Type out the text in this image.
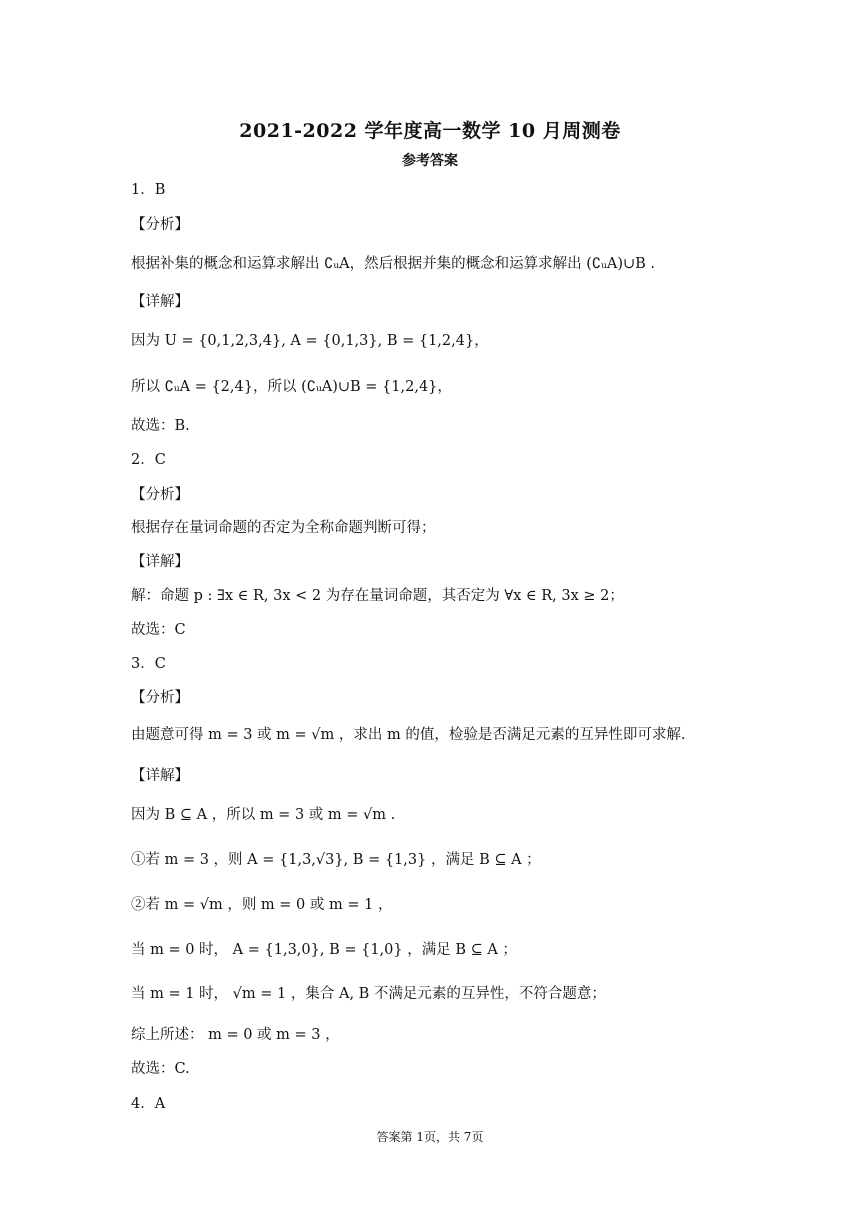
2021-2022 学年度高一数学 10 月周测卷
参考答案
1．B
【分析】
根据补集的概念和运算求解出 ∁ᵤA，然后根据并集的概念和运算求解出 (∁ᵤA)∪B .
【详解】
因为 U = {0,1,2,3,4}, A = {0,1,3}, B = {1,2,4}，
所以 ∁ᵤA = {2,4}，所以 (∁ᵤA)∪B = {1,2,4}，
故选：B.
2．C
【分析】
根据存在量词命题的否定为全称命题判断可得；
【详解】
解：命题 p : ∃x ∈ R, 3x < 2 为存在量词命题，其否定为 ∀x ∈ R, 3x ≥ 2；
故选：C
3．C
【分析】
由题意可得 m = 3 或 m = √m ，求出 m 的值，检验是否满足元素的互异性即可求解.
【详解】
因为 B ⊆ A ，所以 m = 3 或 m = √m .
①若 m = 3 ，则 A = {1,3,√3}, B = {1,3} ，满足 B ⊆ A ；
②若 m = √m ，则 m = 0 或 m = 1 ，
当 m = 0 时， A = {1,3,0}, B = {1,0} ，满足 B ⊆ A ；
当 m = 1 时， √m = 1 ，集合 A, B 不满足元素的互异性，不符合题意；
综上所述： m = 0 或 m = 3 ，
故选：C.
4．A
答案第 1页，共 7页
